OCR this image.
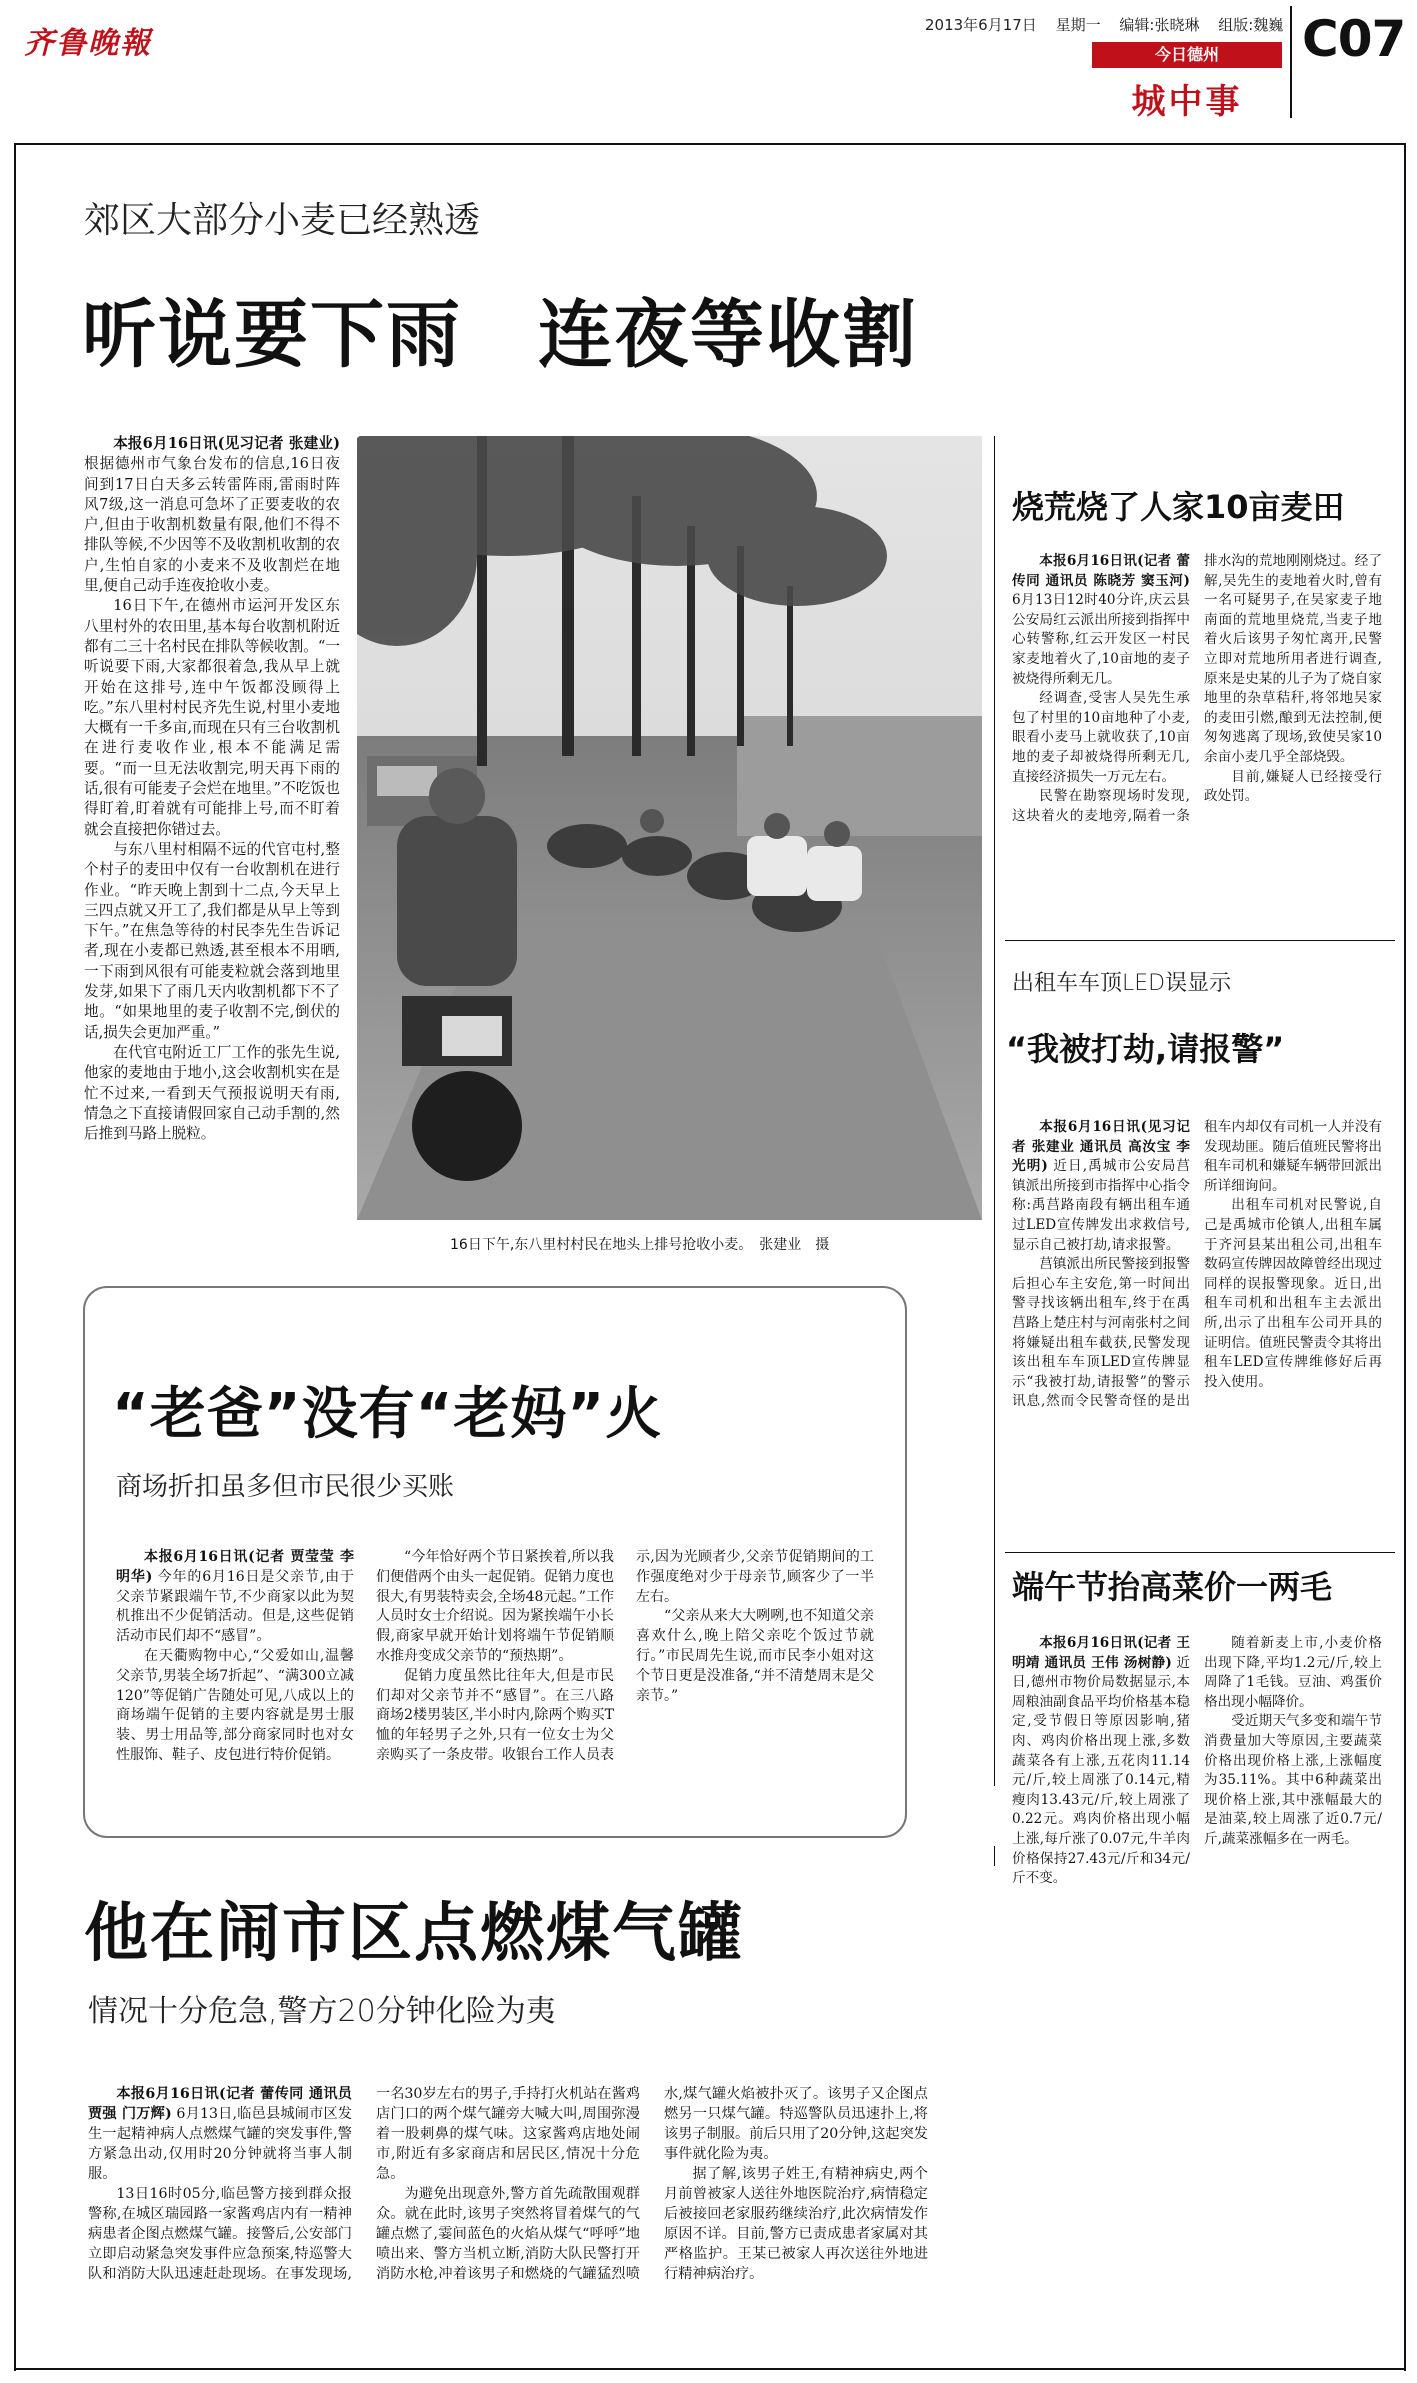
齐鲁晚報
2013年6月17日 星期一 编辑:张晓琳 组版:魏巍
今日德州
城中事
C07
郊区大部分小麦已经熟透
听说要下雨　连夜等收割

本报6月16日讯(见习记者 张建业) 根据德州市气象台发布的信息,16日夜间到17日白天多云转雷阵雨,雷雨时阵风7级,这一消息可急坏了正要麦收的农户,但由于收割机数量有限,他们不得不排队等候,不少因等不及收割机收割的农户,生怕自家的小麦来不及收割烂在地里,便自己动手连夜抢收小麦。

16日下午,在德州市运河开发区东八里村外的农田里,基本每台收割机附近都有二三十名村民在排队等候收割。“一听说要下雨,大家都很着急,我从早上就开始在这排号,连中午饭都没顾得上吃。”东八里村村民齐先生说,村里小麦地大概有一千多亩,而现在只有三台收割机在进行麦收作业,根本不能满足需要。“而一旦无法收割完,明天再下雨的话,很有可能麦子会烂在地里。”不吃饭也得盯着,盯着就有可能排上号,而不盯着就会直接把你错过去。

与东八里村相隔不远的代官屯村,整个村子的麦田中仅有一台收割机在进行作业。“昨天晚上割到十二点,今天早上三四点就又开工了,我们都是从早上等到下午。”在焦急等待的村民李先生告诉记者,现在小麦都已熟透,甚至根本不用晒,一下雨到风很有可能麦粒就会落到地里发芽,如果下了雨几天内收割机都下不了地。“如果地里的麦子收割不完,倒伏的话,损失会更加严重。”

在代官屯附近工厂工作的张先生说,他家的麦地由于地小,这会收割机实在是忙不过来,一看到天气预报说明天有雨,情急之下直接请假回家自己动手割的,然后推到马路上脱粒。

16日下午,东八里村村民在地头上排号抢收小麦。　张建业　摄
烧荒烧了人家10亩麦田

本报6月16日讯(记者 蕾传同 通讯员 陈晓芳 窦玉河) 6月13日12时40分许,庆云县公安局红云派出所接到指挥中心转警称,红云开发区一村民家麦地着火了,10亩地的麦子被烧得所剩无几。

经调查,受害人吴先生承包了村里的10亩地种了小麦,眼看小麦马上就收获了,10亩地的麦子却被烧得所剩无几,直接经济损失一万元左右。

民警在勘察现场时发现,这块着火的麦地旁,隔着一条排水沟的荒地刚刚烧过。经了解,吴先生的麦地着火时,曾有一名可疑男子,在吴家麦子地南面的荒地里烧荒,当麦子地着火后该男子匆忙离开,民警立即对荒地所用者进行调查,原来是史某的儿子为了烧自家地里的杂草秸秆,将邻地吴家的麦田引燃,酿到无法控制,便匆匆逃离了现场,致使吴家10余亩小麦几乎全部烧毁。

目前,嫌疑人已经接受行政处罚。

出租车车顶LED误显示
“我被打劫,请报警”

本报6月16日讯(见习记者 张建业 通讯员 高汝宝 李光明) 近日,禹城市公安局莒镇派出所接到市指挥中心指令称:禹莒路南段有辆出租车通过LED宣传牌发出求救信号,显示自己被打劫,请求报警。

莒镇派出所民警接到报警后担心车主安危,第一时间出警寻找该辆出租车,终于在禹莒路上楚庄村与河南张村之间将嫌疑出租车截获,民警发现该出租车车顶LED宣传牌显示“我被打劫,请报警”的警示讯息,然而令民警奇怪的是出租车内却仅有司机一人并没有发现劫匪。随后值班民警将出租车司机和嫌疑车辆带回派出所详细询问。

出租车司机对民警说,自己是禹城市伦镇人,出租车属于齐河县某出租公司,出租车数码宣传牌因故障曾经出现过同样的误报警现象。近日,出租车司机和出租车主去派出所,出示了出租车公司开具的证明信。值班民警责令其将出租车LED宣传牌维修好后再投入使用。

端午节抬高菜价一两毛

本报6月16日讯(记者 王明靖 通讯员 王伟 汤树静) 近日,德州市物价局数据显示,本周粮油副食品平均价格基本稳定,受节假日等原因影响,猪肉、鸡肉价格出现上涨,多数蔬菜各有上涨,五花肉11.14元/斤,较上周涨了0.14元,精瘦肉13.43元/斤,较上周涨了0.22元。鸡肉价格出现小幅上涨,每斤涨了0.07元,牛羊肉价格保持27.43元/斤和34元/斤不变。

随着新麦上市,小麦价格出现下降,平均1.2元/斤,较上周降了1毛钱。豆油、鸡蛋价格出现小幅降价。

受近期天气多变和端午节消费量加大等原因,主要蔬菜价格出现价格上涨,上涨幅度为35.11%。其中6种蔬菜出现价格上涨,其中涨幅最大的是油菜,较上周涨了近0.7元/斤,蔬菜涨幅多在一两毛。

“老爸”没有“老妈”火
商场折扣虽多但市民很少买账

本报6月16日讯(记者 贾莹莹 李明华) 今年的6月16日是父亲节,由于父亲节紧跟端午节,不少商家以此为契机推出不少促销活动。但是,这些促销活动市民们却不“感冒”。

在天衢购物中心,“父爱如山,温馨父亲节,男装全场7折起”、“满300立减120”等促销广告随处可见,八成以上的商场端午促销的主要内容就是男士服装、男士用品等,部分商家同时也对女性服饰、鞋子、皮包进行特价促销。

“今年恰好两个节日紧挨着,所以我们便借两个由头一起促销。促销力度也很大,有男装特卖会,全场48元起。”工作人员时女士介绍说。因为紧挨端午小长假,商家早就开始计划将端午节促销顺水推舟变成父亲节的“预热期”。

促销力度虽然比往年大,但是市民们却对父亲节并不“感冒”。在三八路商场2楼男装区,半小时内,除两个购买T恤的年轻男子之外,只有一位女士为父亲购买了一条皮带。收银台工作人员表示,因为光顾者少,父亲节促销期间的工作强度绝对少于母亲节,顾客少了一半左右。

“父亲从来大大咧咧,也不知道父亲喜欢什么,晚上陪父亲吃个饭过节就行。”市民周先生说,而市民李小姐对这个节日更是没准备,“并不清楚周末是父亲节。”

他在闹市区点燃煤气罐
情况十分危急,警方20分钟化险为夷

本报6月16日讯(记者 蕾传同 通讯员 贾强 门万辉) 6月13日,临邑县城闹市区发生一起精神病人点燃煤气罐的突发事件,警方紧急出动,仅用时20分钟就将当事人制服。

13日16时05分,临邑警方接到群众报警称,在城区瑞园路一家酱鸡店内有一精神病患者企图点燃煤气罐。接警后,公安部门立即启动紧急突发事件应急预案,特巡警大队和消防大队迅速赶赴现场。在事发现场,一名30岁左右的男子,手持打火机站在酱鸡店门口的两个煤气罐旁大喊大叫,周围弥漫着一股刺鼻的煤气味。这家酱鸡店地处闹市,附近有多家商店和居民区,情况十分危急。

为避免出现意外,警方首先疏散围观群众。就在此时,该男子突然将冒着煤气的气罐点燃了,霎间蓝色的火焰从煤气“呼呼”地喷出来、警方当机立断,消防大队民警打开消防水枪,冲着该男子和燃烧的气罐猛烈喷水,煤气罐火焰被扑灭了。该男子又企图点燃另一只煤气罐。特巡警队员迅速扑上,将该男子制服。前后只用了20分钟,这起突发事件就化险为夷。

据了解,该男子姓王,有精神病史,两个月前曾被家人送往外地医院治疗,病情稳定后被接回老家服药继续治疗,此次病情发作原因不详。目前,警方已责成患者家属对其严格监护。王某已被家人再次送往外地进行精神病治疗。
